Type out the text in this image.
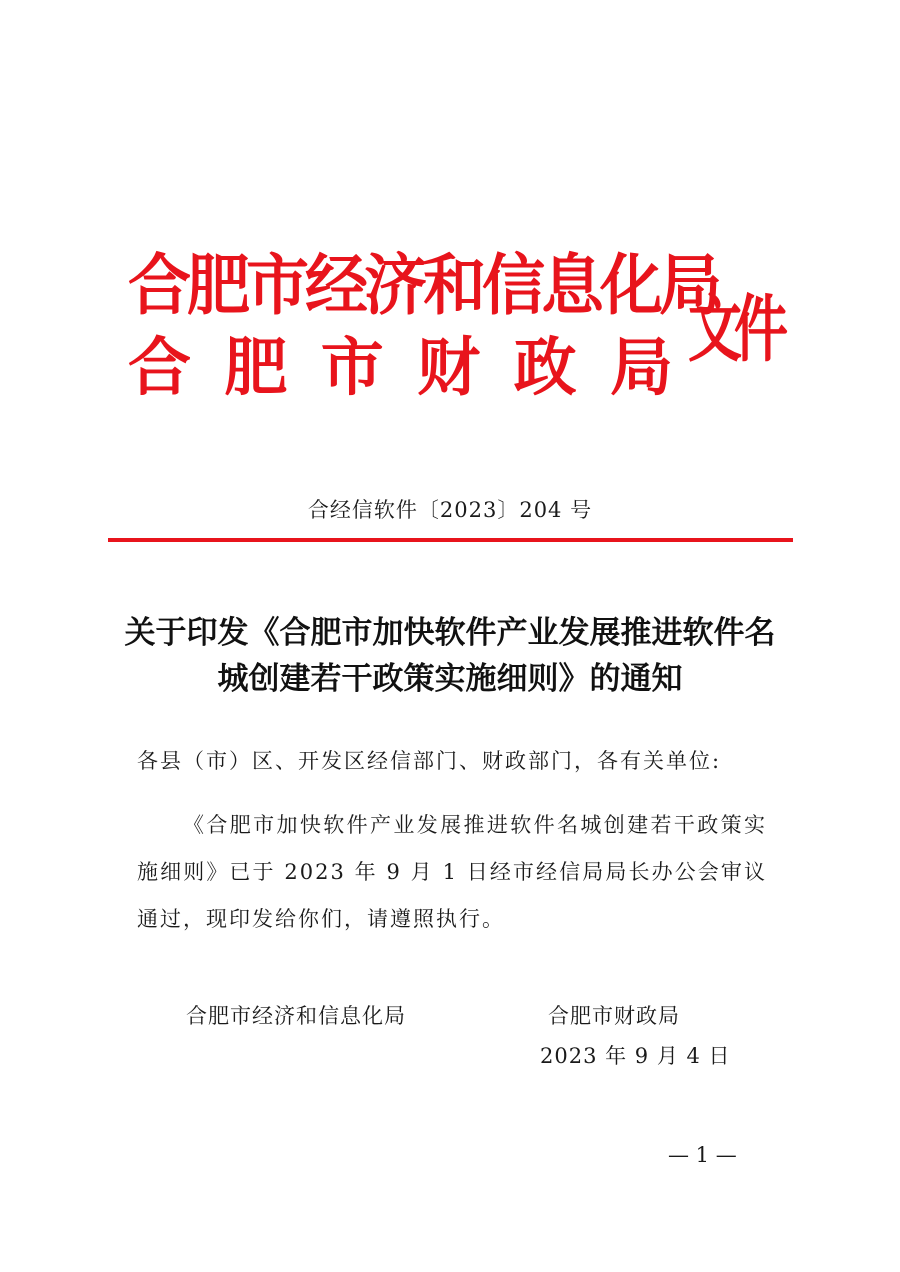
合肥市经济和信息化局
合 肥 市 财 政 局 文件
合经信软件〔2023〕204 号
关于印发《合肥市加快软件产业发展推进软件名城创建若干政策实施细则》的通知
各县（市）区、开发区经信部门、财政部门，各有关单位:
《合肥市加快软件产业发展推进软件名城创建若干政策实施细则》已于 2023 年 9 月 1 日经市经信局局长办公会审议通过，现印发给你们，请遵照执行。
合肥市经济和信息化局	合肥市财政局
2023 年 9 月 4 日
— 1 —
